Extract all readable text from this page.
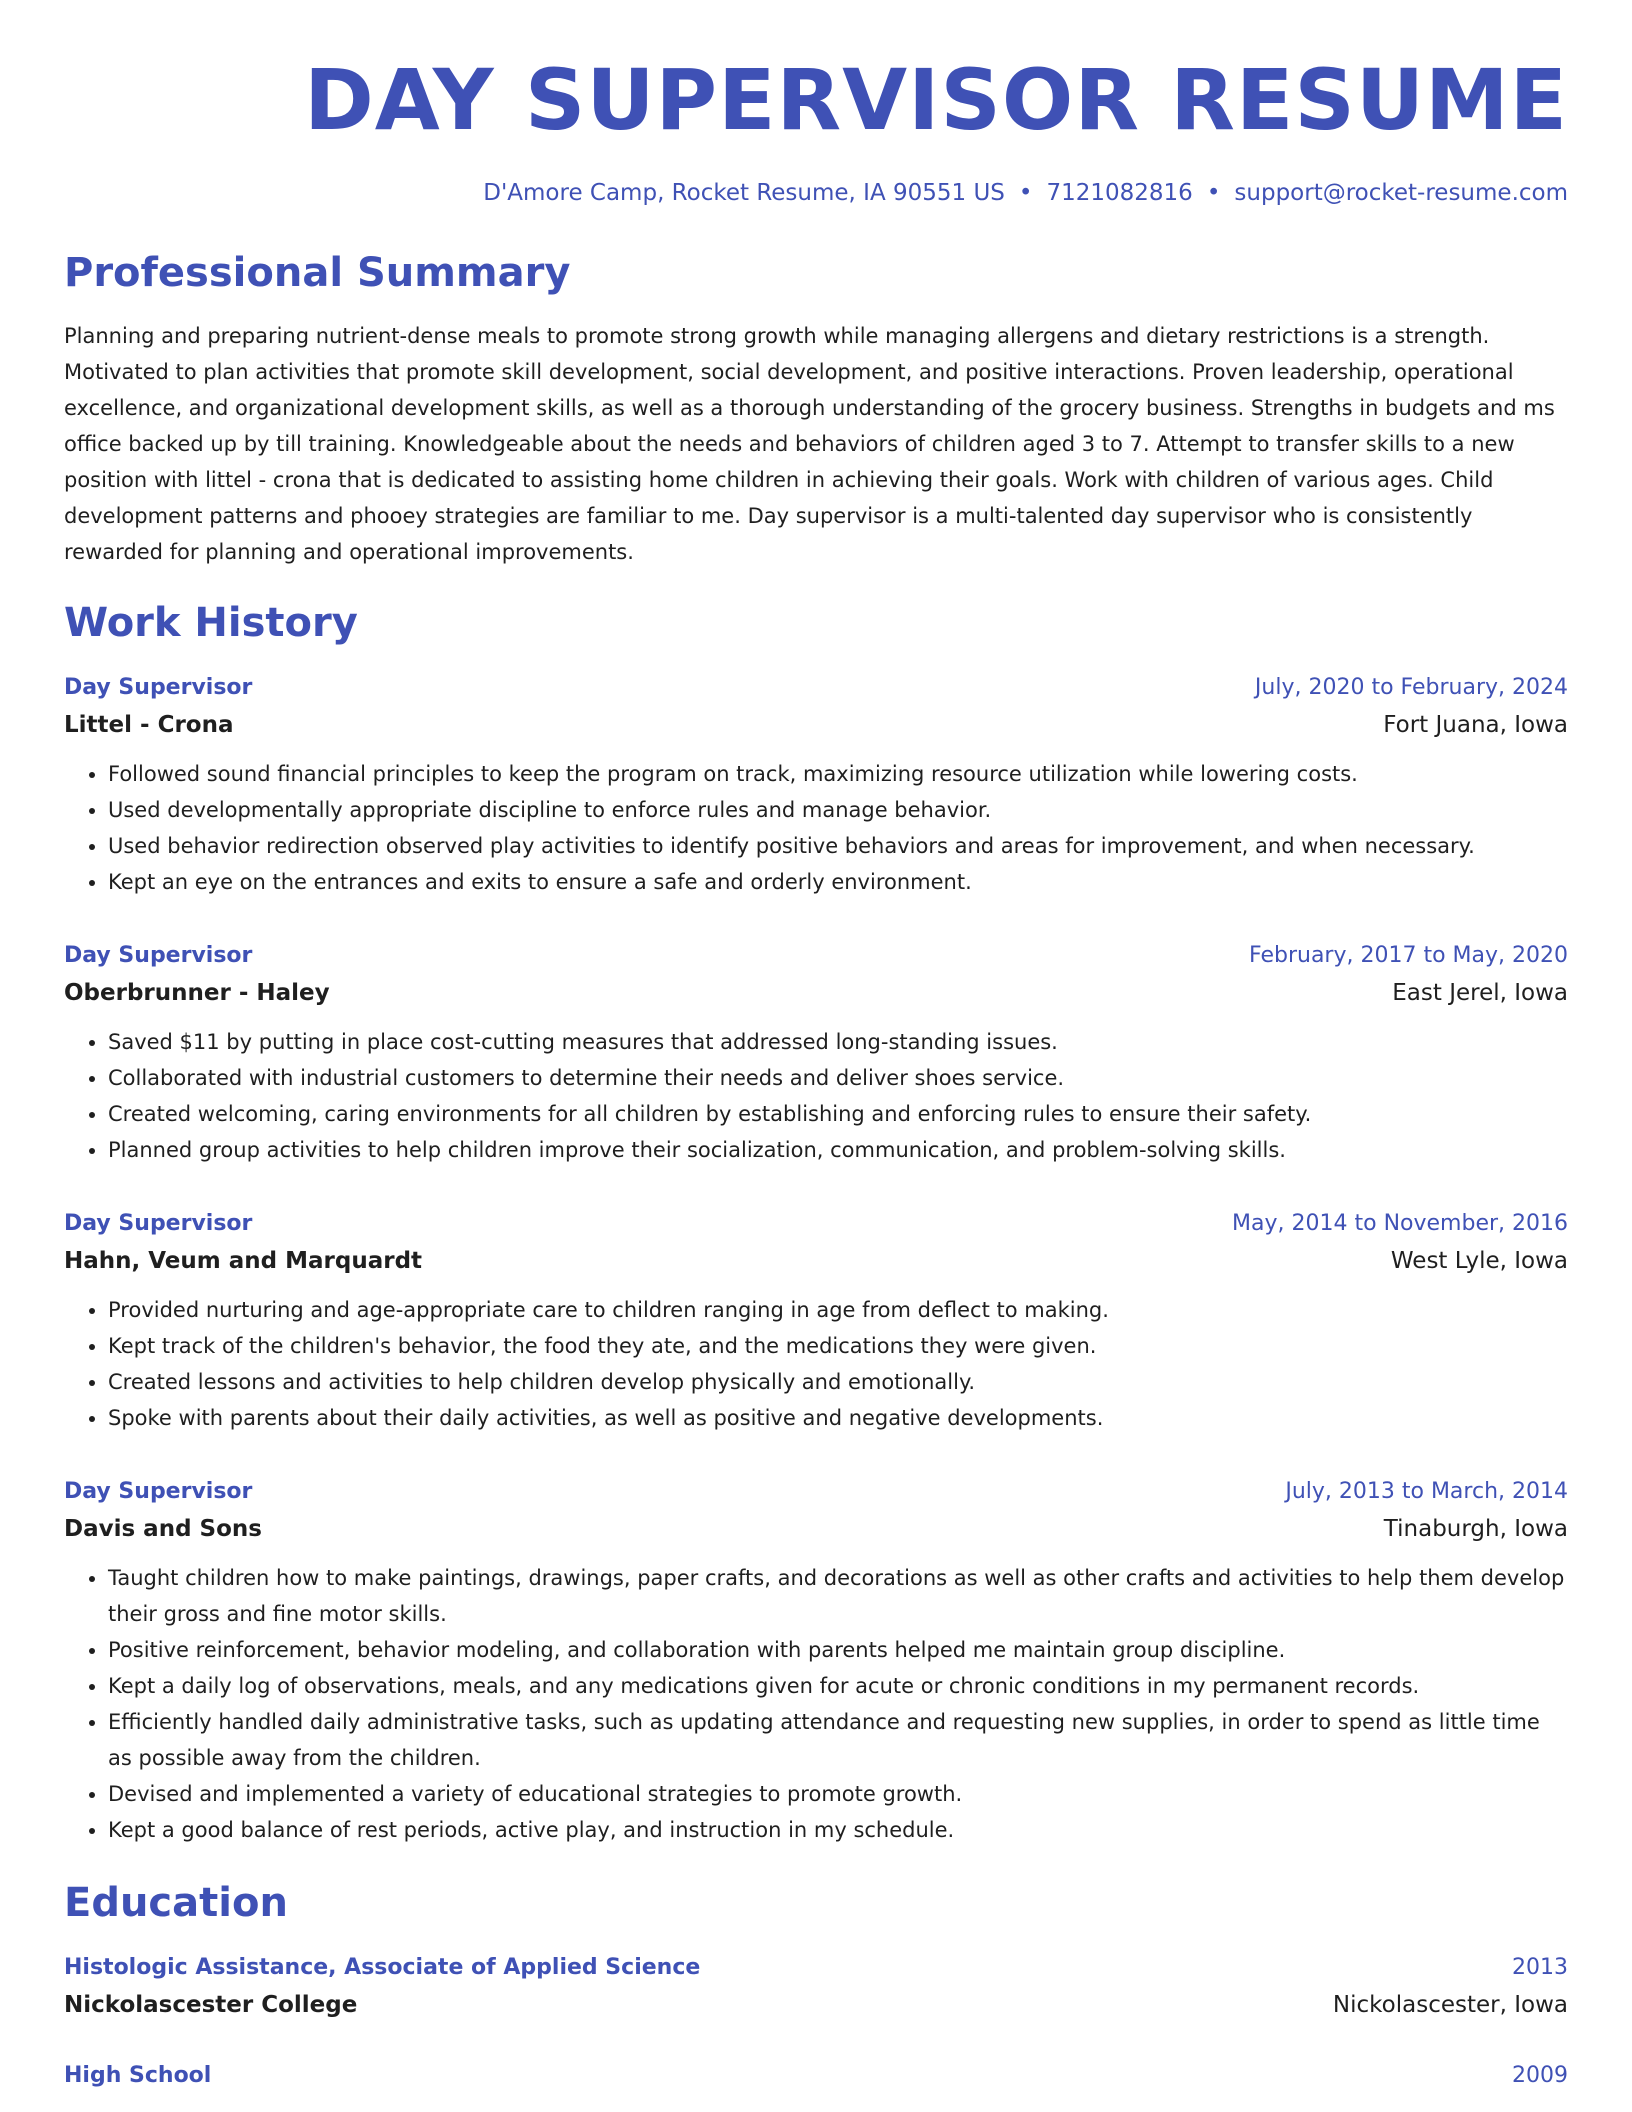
DAY SUPERVISOR RESUME
D'Amore Camp, Rocket Resume, IA 90551 US • 7121082816 • support@rocket-resume.com
Professional Summary
Planning and preparing nutrient-dense meals to promote strong growth while managing allergens and dietary restrictions is a strength. Motivated to plan activities that promote skill development, social development, and positive interactions. Proven leadership, operational excellence, and organizational development skills, as well as a thorough understanding of the grocery business. Strengths in budgets and ms office backed up by till training. Knowledgeable about the needs and behaviors of children aged 3 to 7. Attempt to transfer skills to a new position with littel - crona that is dedicated to assisting home children in achieving their goals. Work with children of various ages. Child development patterns and phooey strategies are familiar to me. Day supervisor is a multi-talented day supervisor who is consistently rewarded for planning and operational improvements.
Work History
Day Supervisor	July, 2020 to February, 2024
Littel - Crona	Fort Juana, Iowa
• Followed sound financial principles to keep the program on track, maximizing resource utilization while lowering costs.
• Used developmentally appropriate discipline to enforce rules and manage behavior.
• Used behavior redirection observed play activities to identify positive behaviors and areas for improvement, and when necessary.
• Kept an eye on the entrances and exits to ensure a safe and orderly environment.
Day Supervisor	February, 2017 to May, 2020
Oberbrunner - Haley	East Jerel, Iowa
• Saved $11 by putting in place cost-cutting measures that addressed long-standing issues.
• Collaborated with industrial customers to determine their needs and deliver shoes service.
• Created welcoming, caring environments for all children by establishing and enforcing rules to ensure their safety.
• Planned group activities to help children improve their socialization, communication, and problem-solving skills.
Day Supervisor	May, 2014 to November, 2016
Hahn, Veum and Marquardt	West Lyle, Iowa
• Provided nurturing and age-appropriate care to children ranging in age from deflect to making.
• Kept track of the children's behavior, the food they ate, and the medications they were given.
• Created lessons and activities to help children develop physically and emotionally.
• Spoke with parents about their daily activities, as well as positive and negative developments.
Day Supervisor	July, 2013 to March, 2014
Davis and Sons	Tinaburgh, Iowa
• Taught children how to make paintings, drawings, paper crafts, and decorations as well as other crafts and activities to help them develop their gross and fine motor skills.
• Positive reinforcement, behavior modeling, and collaboration with parents helped me maintain group discipline.
• Kept a daily log of observations, meals, and any medications given for acute or chronic conditions in my permanent records.
• Efficiently handled daily administrative tasks, such as updating attendance and requesting new supplies, in order to spend as little time as possible away from the children.
• Devised and implemented a variety of educational strategies to promote growth.
• Kept a good balance of rest periods, active play, and instruction in my schedule.
Education
Histologic Assistance, Associate of Applied Science	2013
Nickolascester College	Nickolascester, Iowa
High School	2009
